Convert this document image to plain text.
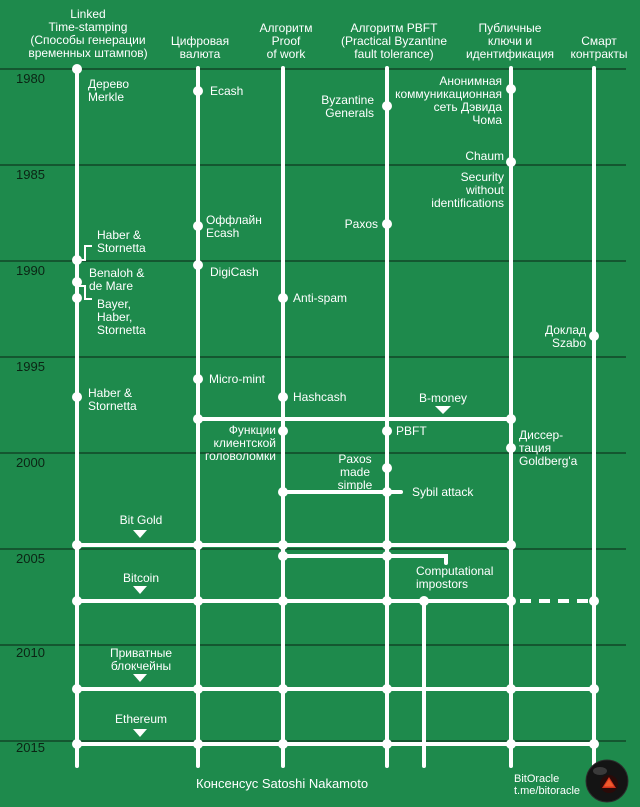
Linked
Time-stamping
(Способы генерации
временных штампов)
Цифровая
валюта
Алгоритм
Proof
of work
Алгоритм PBFT
(Practical Byzantine
fault tolerance)
Публичные
ключи и
идентификация
Смарт
контракты
1980
1985
1990
1995
2000
2005
2010
2015
Дерево
Merkle
Haber &
Stornetta
Benaloh &
de Mare
Bayer,
Haber,
Stornetta
Haber &
Stornetta
Ecash
Оффлайн
Ecash
DigiCash
Micro-mint
Функции
клиентской
головоломки
Anti-spam
Hashcash
Byzantine
Generals
Paxos
PBFT
Paxos
made
simple	Sybil attack
B-money
Computational
impostors
Анонимная
коммуникационная
сеть Дэвида
Чома
Chaum
Security
without
identifications
Диссер-
тация
Goldberg'a
Доклад
Szabo
Bit Gold
Bitcoin
Приватные
блокчейны
Ethereum
Консенсус Satoshi Nakamoto	BitOracle
t.me/bitoracle
